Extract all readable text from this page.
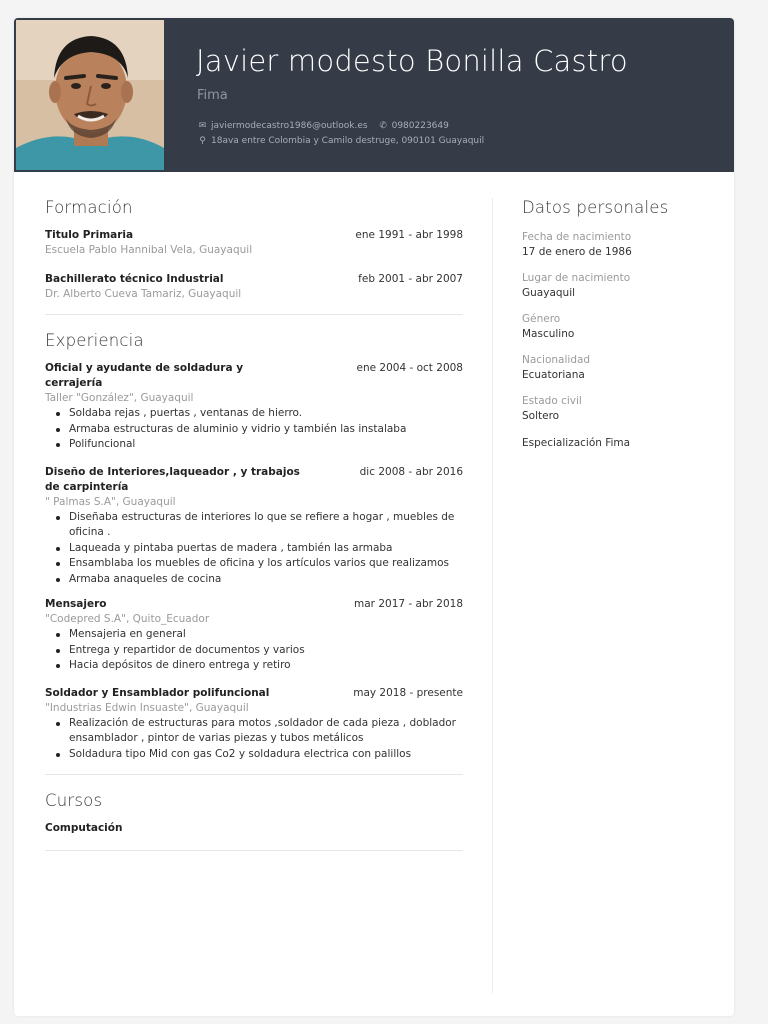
Javier modesto Bonilla Castro
Fima
✉ javiermodecastro1986@outlook.es ✆ 0980223649
⚲ 18ava entre Colombia y Camilo destruge, 090101 Guayaquil
Formación
Titulo Primaria	ene 1991 - abr 1998
Escuela Pablo Hannibal Vela, Guayaquil
Bachillerato técnico Industrial	feb 2001 - abr 2007
Dr. Alberto Cueva Tamariz, Guayaquil
Experiencia
Oficial y ayudante de soldadura y cerrajería
ene 2004 - oct 2008
Taller "González", Guayaquil
Soldaba rejas , puertas , ventanas de hierro.
Armaba estructuras de aluminio y vidrio y también las instalaba
Polifuncional
Diseño de Interiores,laqueador , y trabajos de carpintería
dic 2008 - abr 2016
" Palmas S.A", Guayaquil
Diseñaba estructuras de interiores lo que se refiere a hogar , muebles de oficina .
Laqueada y pintaba puertas de madera , también las armaba
Ensamblaba los muebles de oficina y los artículos varios que realizamos
Armaba anaqueles de cocina
Mensajero	mar 2017 - abr 2018
"Codepred S.A", Quito_Ecuador
Mensajeria en general
Entrega y repartidor de documentos y varios
Hacia depósitos de dinero entrega y retiro
Soldador y Ensamblador polifuncional	may 2018 - presente
"Industrias Edwin Insuaste", Guayaquil
Realización de estructuras para motos ,soldador de cada pieza , doblador ensamblador , pintor de varias piezas y tubos metálicos
Soldadura tipo Mid con gas Co2 y soldadura electrica con palillos
Cursos
Computación
Datos personales
Fecha de nacimiento
17 de enero de 1986
Lugar de nacimiento
Guayaquil
Género
Masculino
Nacionalidad
Ecuatoriana
Estado civil
Soltero
Especialización Fima
